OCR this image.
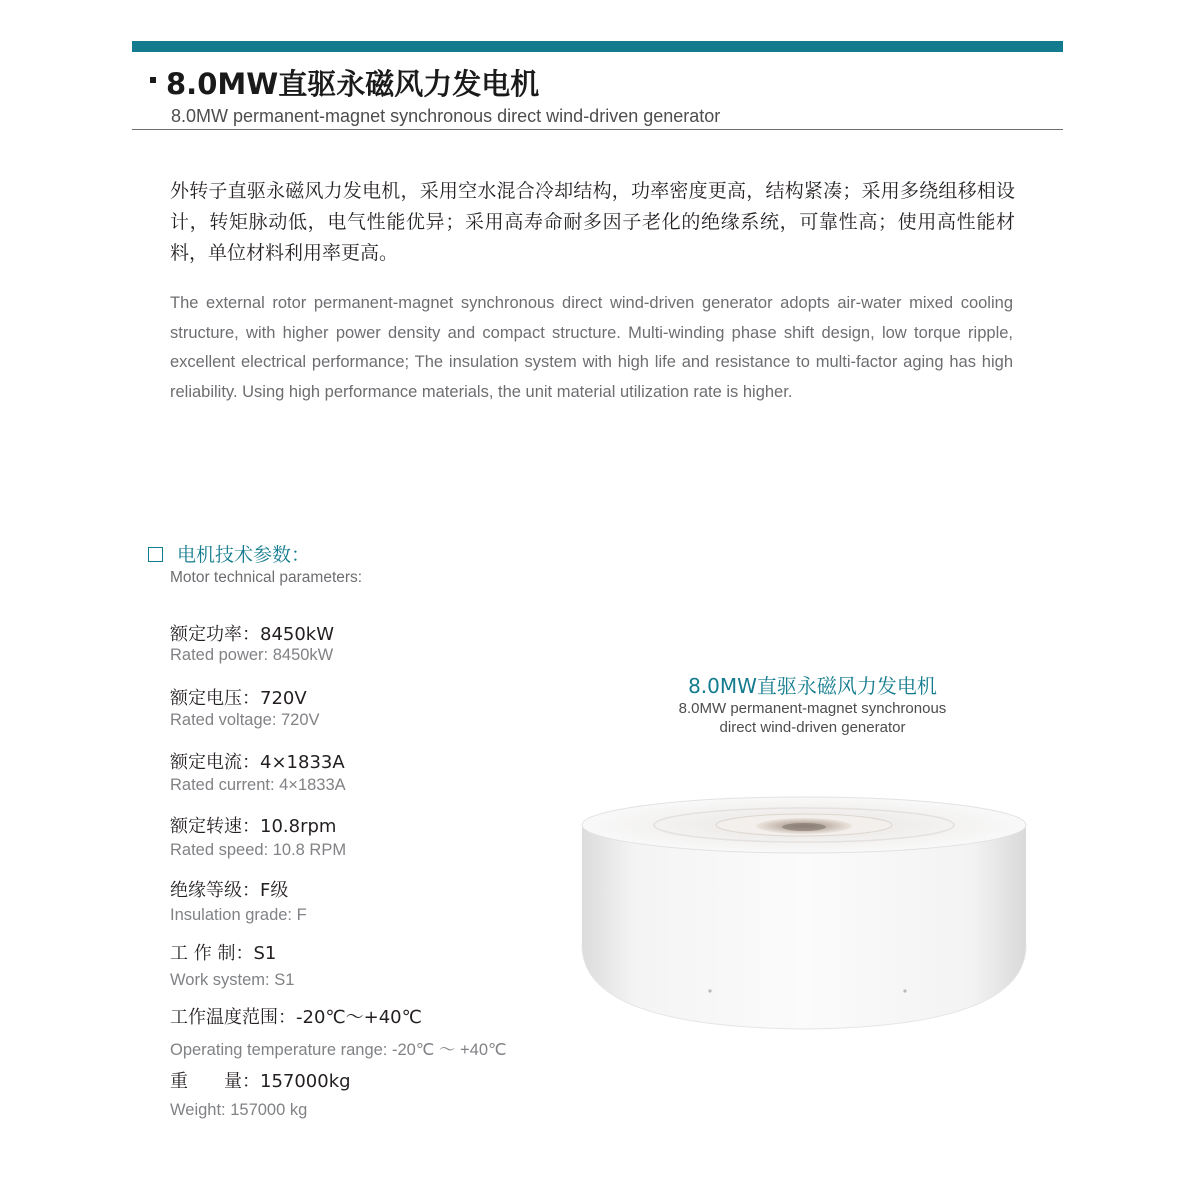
8.0MW直驱永磁风力发电机
8.0MW permanent-magnet synchronous direct wind-driven generator
外转子直驱永磁风力发电机，采用空水混合冷却结构，功率密度更高，结构紧凑；采用多绕组移相设计，转矩脉动低，电气性能优异；采用高寿命耐多因子老化的绝缘系统，可靠性高；使用高性能材料，单位材料利用率更高。
The external rotor permanent-magnet synchronous direct wind-driven generator adopts air-water mixed cooling structure, with higher power density and compact structure. Multi-winding phase shift design, low torque ripple, excellent electrical performance; The insulation system with high life and resistance to multi-factor aging has high reliability. Using high performance materials, the unit material utilization rate is higher.
电机技术参数：
Motor technical parameters:
额定功率：8450kW
Rated power: 8450kW
额定电压：720V
Rated voltage: 720V
额定电流：4×1833A
Rated current: 4×1833A
额定转速：10.8rpm
Rated speed: 10.8 RPM
绝缘等级：F级
Insulation grade: F
工 作 制：S1
Work system: S1
工作温度范围：-20℃～+40℃
Operating temperature range: -20℃ ～ +40℃
重　　量：157000kg
Weight: 157000 kg
8.0MW直驱永磁风力发电机
8.0MW permanent-magnet synchronous
direct wind-driven generator
